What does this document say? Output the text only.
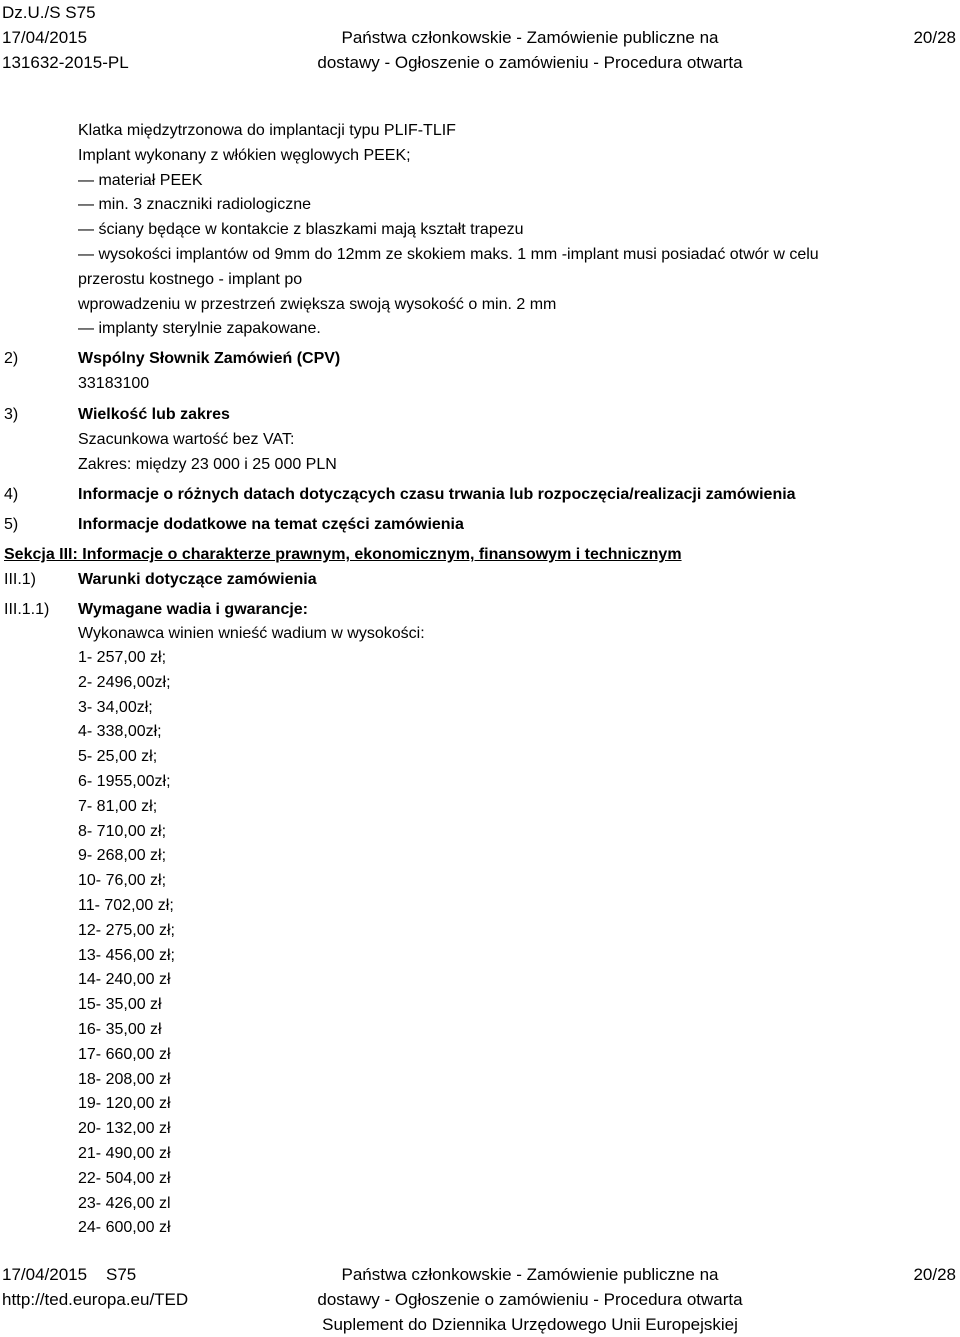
Dz.U./S S75
17/04/2015
131632-2015-PL
Państwa członkowskie - Zamówienie publiczne na
dostawy - Ogłoszenie o zamówieniu - Procedura otwarta
20/28
Klatka międzytrzonowa do implantacji typu PLIF-TLIF
Implant wykonany z włókien węglowych PEEK;
— materiał PEEK
— min. 3 znaczniki radiologiczne
— ściany będące w kontakcie z blaszkami mają kształt trapezu
— wysokości implantów od 9mm do 12mm ze skokiem maks. 1 mm -implant musi posiadać otwór w celu
przerostu kostnego - implant po
wprowadzeniu w przestrzeń zwiększa swoją wysokość o min. 2 mm
— implanty sterylnie zapakowane.
2)	Wspólny Słownik Zamówień (CPV)
33183100
3)	Wielkość lub zakres
Szacunkowa wartość bez VAT:
Zakres: między 23 000 i 25 000 PLN
4)	Informacje o różnych datach dotyczących czasu trwania lub rozpoczęcia/realizacji zamówienia
5)	Informacje dodatkowe na temat części zamówienia
Sekcja III: Informacje o charakterze prawnym, ekonomicznym, finansowym i technicznym
III.1)	Warunki dotyczące zamówienia
III.1.1) Wymagane wadia i gwarancje:
Wykonawca winien wnieść wadium w wysokości:
1- 257,00 zł;
2- 2496,00zł;
3- 34,00zł;
4- 338,00zł;
5- 25,00 zł;
6- 1955,00zł;
7- 81,00 zł;
8- 710,00 zł;
9- 268,00 zł;
10- 76,00 zł;
11- 702,00 zł;
12- 275,00 zł;
13- 456,00 zł;
14- 240,00 zł
15- 35,00 zł
16- 35,00 zł
17- 660,00 zł
18- 208,00 zł
19- 120,00 zł
20- 132,00 zł
21- 490,00 zł
22- 504,00 zł
23- 426,00 zl
24- 600,00 zł
17/04/2015 S75
http://ted.europa.eu/TED
Państwa członkowskie - Zamówienie publiczne na
dostawy - Ogłoszenie o zamówieniu - Procedura otwarta
Suplement do Dziennika Urzędowego Unii Europejskiej
20/28
